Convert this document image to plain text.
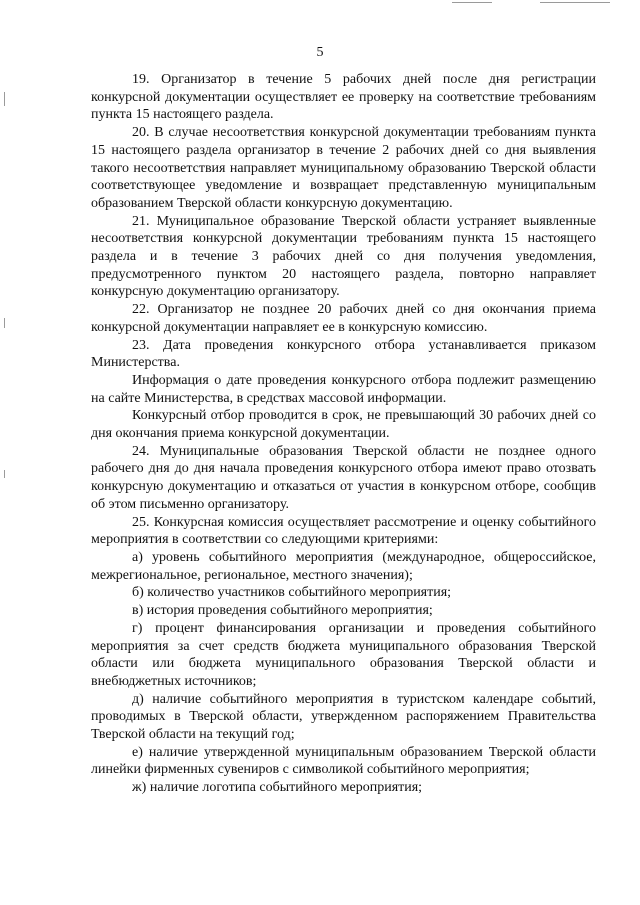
5

19. Организатор в течение 5 рабочих дней после дня регистрации конкурсной документации осуществляет ее проверку на соответствие требованиям пункта 15 настоящего раздела.

20. В случае несоответствия конкурсной документации требованиям пункта 15 настоящего раздела организатор в течение 2 рабочих дней со дня выявления такого несоответствия направляет муниципальному образованию Тверской области соответствующее уведомление и возвращает представленную муниципальным образованием Тверской области конкурсную документацию.

21. Муниципальное образование Тверской области устраняет выявленные несоответствия конкурсной документации требованиям пункта 15 настоящего раздела и в течение 3 рабочих дней со дня получения уведомления, предусмотренного пунктом 20 настоящего раздела, повторно направляет конкурсную документацию организатору.

22. Организатор не позднее 20 рабочих дней со дня окончания приема конкурсной документации направляет ее в конкурсную комиссию.

23. Дата проведения конкурсного отбора устанавливается приказом Министерства.

Информация о дате проведения конкурсного отбора подлежит размещению на сайте Министерства, в средствах массовой информации.

Конкурсный отбор проводится в срок, не превышающий 30 рабочих дней со дня окончания приема конкурсной документации.

24. Муниципальные образования Тверской области не позднее одного рабочего дня до дня начала проведения конкурсного отбора имеют право отозвать конкурсную документацию и отказаться от участия в конкурсном отборе, сообщив об этом письменно организатору.

25. Конкурсная комиссия осуществляет рассмотрение и оценку событийного мероприятия в соответствии со следующими критериями:

а) уровень событийного мероприятия (международное, общероссийское, межрегиональное, региональное, местного значения);

б) количество участников событийного мероприятия;

в) история проведения событийного мероприятия;

г) процент финансирования организации и проведения событийного мероприятия за счет средств бюджета муниципального образования Тверской области или бюджета муниципального образования Тверской области и внебюджетных источников;

д) наличие событийного мероприятия в туристском календаре событий, проводимых в Тверской области, утвержденном распоряжением Правительства Тверской области на текущий год;

е) наличие утвержденной муниципальным образованием Тверской области линейки фирменных сувениров с символикой событийного мероприятия;

ж) наличие логотипа событийного мероприятия;
